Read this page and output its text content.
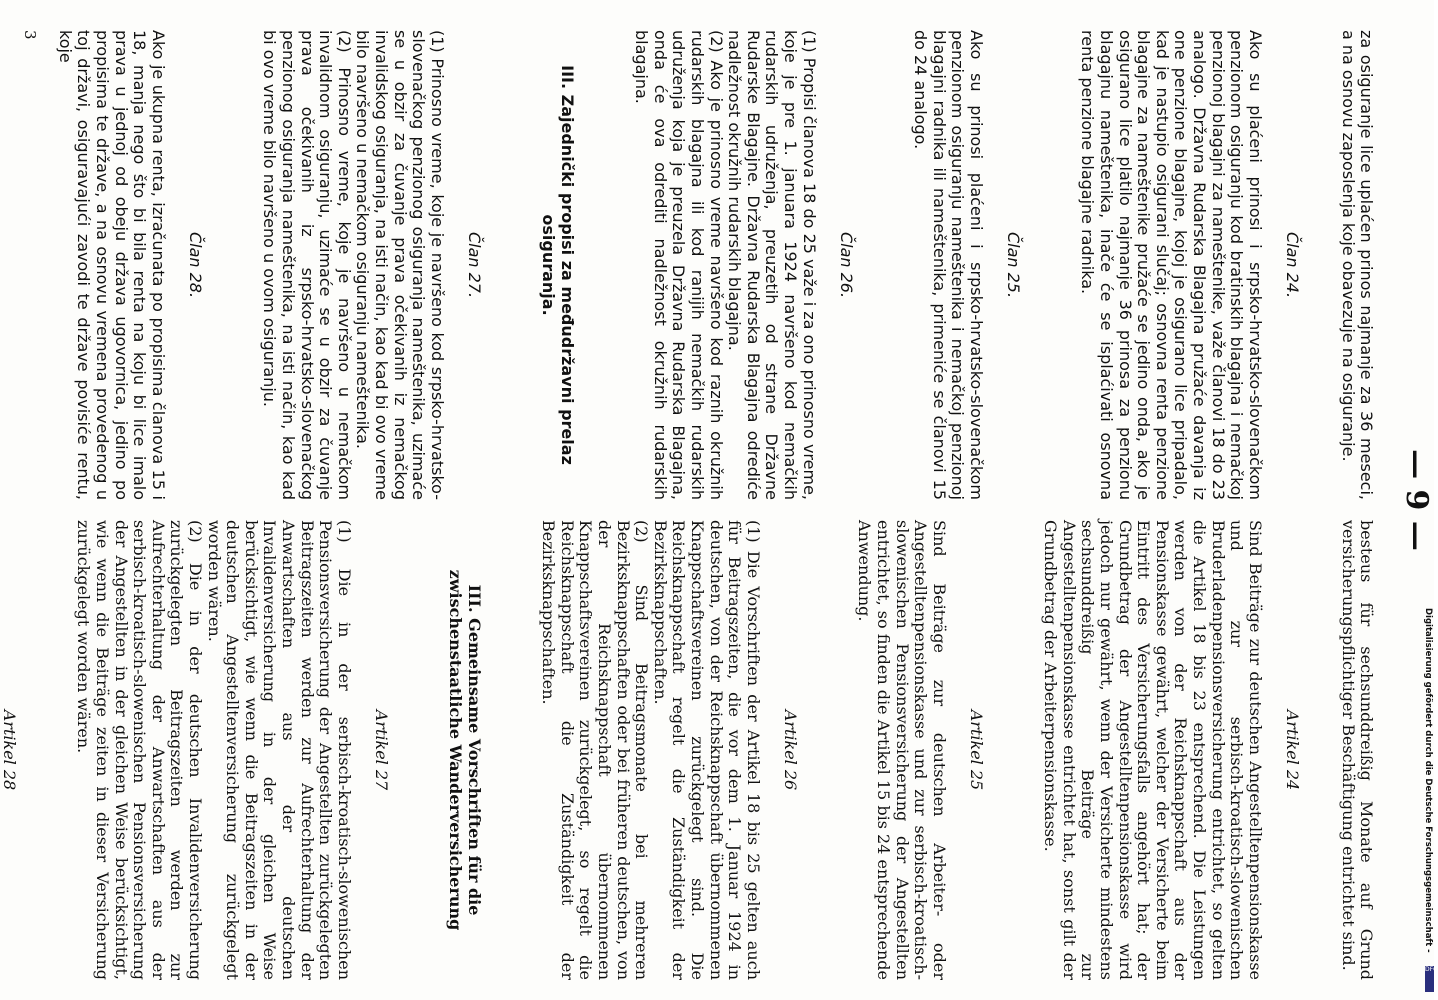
— 9 —

za osiguranje lice uplaćen prinos najmanje za 36 meseci, a na osnovu zaposlenja koje obavezuje na osiguranje.

Član 24.

Ako su plaćeni prinosi i srpsko-hrvatsko-slovenačkom penzionom osiguranju kod bratinskih blagajna i nemačkoj penzionoj blagajni za nameštenike, važe članovi 18 do 23 analogo. Državna Rudarska Blagajna pružaće davanja iz one penzione blagajne, kojoj je osigurano lice pripadalo, kad je nastupio osigurani slučaj; osnovna renta penzione blagajne za nameštenike pružaće se jedino onda, ako je osigurano lice platilo najmanje 36 prinosa za penzionu blagajnu nameštenika, inače će se isplaćivati osnovna renta penzione blagajne radnika.

Član 25.

Ako su prinosi plaćeni i srpsko-hrvatsko-slovenačkom penzionom osiguranju nameštenika i nemačkoj penzionoj blagajni radnika ili nameštenika, primeniće se članovi 15 do 24 analogo.

Član 26.

(1) Propisi članova 18 do 25 važe i za ono prinosno vreme, koje je pre 1. januara 1924 navršeno kod nemačkih rudarskih udruženja, preuzetih od strane Državne Rudarske Blagajne. Državna Rudarska Blagajna odrediće nadležnost okružnih rudarskih blagajna.
(2) Ako je prinosno vreme navršeno kod raznih okružnih rudarskih blagajna ili kod ranijih nemačkih rudarskih udruženja koja je preuzela Državna Rudarska Blagajna, onda će ova odrediti nadležnost okružnih rudarskih blagajna.

III. Zajednički propisi za međudržavni prelaz osiguranja.

Član 27.

(1) Prinosno vreme, koje je navršeno kod srpsko-hrvatsko-slovenačkog penzionog osiguranja nameštenika, uzimaće se u obzir za čuvanje prava očekivanih iz nemačkog invalidskog osiguranja, na isti način, kao kad bi ovo vreme bilo navršeno u nemačkom osiguranju nameštenika.
(2) Prinosno vreme, koje je navršeno u nemačkom invalidnom osiguranju, uzimaće se u obzir za čuvanje prava očekivanih iz srpsko-hrvatsko-slovenačkog penzionog osiguranja nameštenika, na isti način, kao kad bi ovo vreme bilo navršeno u ovom osiguranju.

Član 28.

Ako je ukupna renta, izračunata po propisima članova 15 i 18, manja nego što bi bila renta na koju bi lice imalo prava u jednoj od obeju država ugovornica, jedino po propisima te države, a na osnovu vremena provedenog u toj državi, osiguravajući zavodi te države povisiće rentu, koje

besteus für sechsunddreißig Monate auf Grund versicherungspflichtiger Beschäftigung entrichtet sind.

Artikel 24

Sind Beiträge zur deutschen Angestelltenpensionskasse und zur serbisch-kroatisch-slowenischen Bruderladenpensionsversicherung entrichtet, so gelten die Artikel 18 bis 23 entsprechend. Die Leistungen werden von der Reichsknappschaft aus der Pensionskasse gewährt, welcher der Versicherte beim Eintritt des Versicherungsfalls angehört hat; der Grundbetrag der Angestelltenpensionskasse wird jedoch nur gewährt, wenn der Versicherte mindestens sechsunddreißig Beiträge zur Angestelltenpensionskasse entrichtet hat, sonst gilt der Grundbetrag der Arbeiterpensionskasse.

Artikel 25

Sind Beiträge zur deutschen Arbeiter- oder Angestelltenpensionskasse und zur serbisch-kroatisch-slowenischen Pensionsversicherung der Angestellten entrichtet, so finden die Artikel 15 bis 24 entsprechende Anwendung.

Artikel 26

(1) Die Vorschriften der Artikel 18 bis 25 gelten auch für Beitragszeiten, die vor dem 1. Januar 1924 in deutschen, von der Reichsknappschaft übernommenen Knappschaftsvereinen zurückgelegt sind. Die Reichsknappschaft regelt die Zuständigkeit der Bezirksknappschaften.
(2) Sind Beitragsmonate bei mehreren Bezirksknappschaften oder bei früheren deutschen, von der Reichsknappschaft übernommenen Knappschaftsvereinen zurückgelegt, so regelt die Reichsknappschaft die Zuständigkeit der Bezirksknappschaften.

III. Gemeinsame Vorschriften für die zwischenstaatliche Wanderversicherung

Artikel 27

(1) Die in der serbisch-kroatisch-slowenischen Pensionsversicherung der Angestellten zurückgelegten Beitragszeiten werden zur Aufrechterhaltung der Anwartschaften aus der deutschen Invalidenversicherung in der gleichen Weise berücksichtigt, wie wenn die Beitragszeiten in der deutschen Angestelltenversicherung zurückgelegt worden wären.
(2) Die in der deutschen Invalidenversicherung zurückgelegten Beitragszeiten werden zur Aufrechterhaltung der Anwartschaften aus der serbisch-kroatisch-slowenischen Pensionsversicherung der Angestellten in der gleichen Weise berücksichtigt, wie wenn die Beiträge zeiten in dieser Versicherung zurückgelegt worden wären.

Artikel 28

3
Digitalisierung gefördert durch die Deutsche Forschungsgemeinschaft -
DFG
